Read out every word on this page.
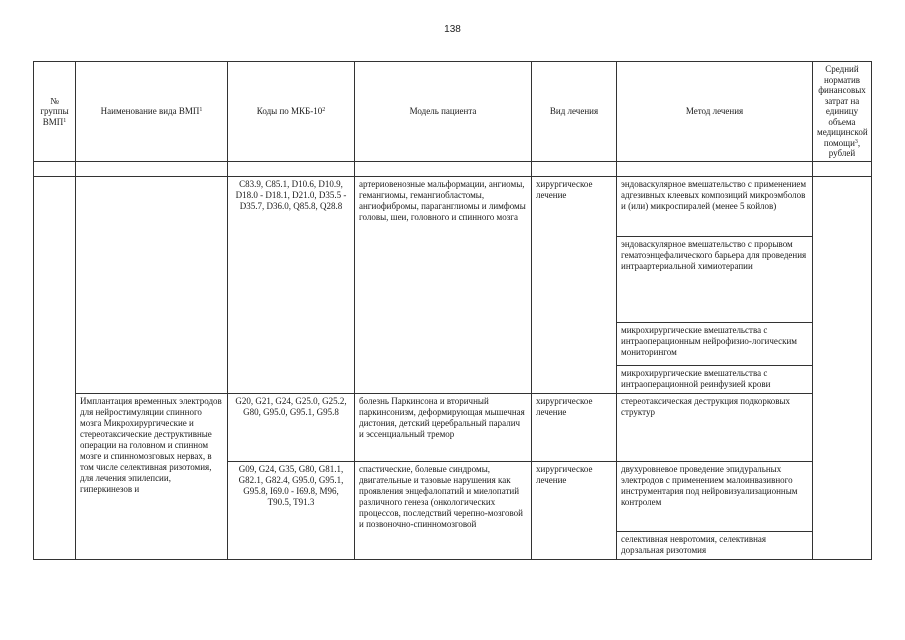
138
№ группы ВМП$^1$	Наименование вида ВМП$^1$	Коды по МКБ-$10^2$	Модель пациента	Вид лечения	Метод лечения	Средний норматив финансовых затрат на единицу объема медицинской помощи$^3$, рублей

		C83.9, C85.1, D10.6, D10.9, D18.0 - D18.1, D21.0, D35.5 - D35.7, D36.0, Q85.8, Q28.8	артериовенозные мальформации, ангиомы, гемангиомы, гемангиобластомы, ангиофибромы, параганглиомы и лимфомы головы, шеи, головного и спинного мозга	хирургическое лечение	эндоваскулярное вмешательство с применением адгезивных клеевых композиций микроэмболов и (или) микроспиралей (менее 5 койлов)	
					эндоваскулярное вмешательство с прорывом гематоэнцефалического барьера для проведения интраартериальной химиотерапии	
					микрохирургические вмешательства с интраоперационным нейрофизио-логическим мониторингом	
					микрохирургические вмешательства с интраоперационной реинфузией крови	
	Имплантация временных электродов для нейростимуляции спинного мозга Микрохирургические и стереотаксические деструктивные операции на головном и спинном мозге и спинномозговых нервах, в том числе селективная ризотомия, для лечения эпилепсии, гиперкинезов и	G20, G21, G24, G25.0, G25.2, G80, G95.0, G95.1, G95.8	болезнь Паркинсона и вторичный паркинсонизм, деформирующая мышечная дистония, детский церебральный паралич и эссенциальный тремор	хирургическое лечение	стереотаксическая деструкция подкорковых структур	
		G09, G24, G35, G80, G81.1, G82.1, G82.4, G95.0, G95.1, G95.8, I69.0 - I69.8, M96, T90.5, T91.3	спастические, болевые синдромы, двигательные и тазовые нарушения как проявления энцефалопатий и миелопатий различного генеза (онкологических процессов, последствий черепно-мозговой и позвоночно-спинномозговой	хирургическое лечение	двухуровневое проведение эпидуральных электродов с применением малоинвазивного инструментария под нейровизуализационным контролем	
					селективная невротомия, селективная дорзальная ризотомия	
